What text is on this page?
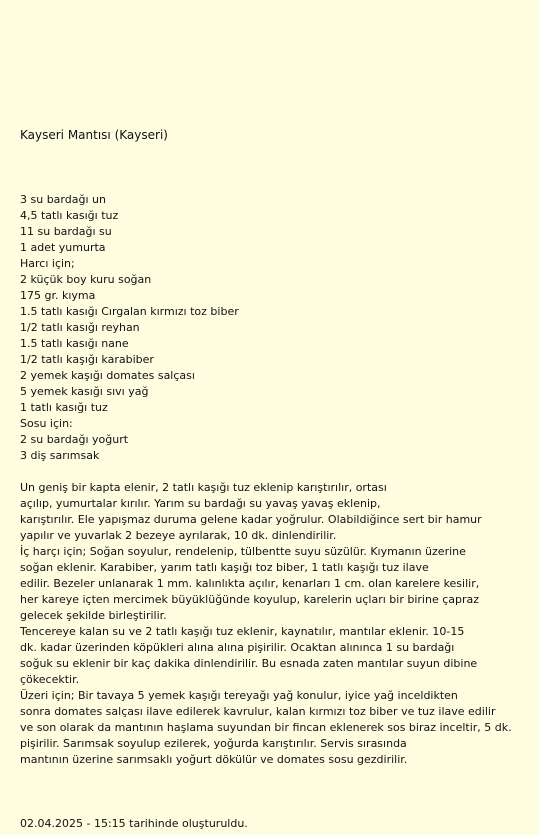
Kayseri Mantısı (Kayseri)
3 su bardağı un
4,5 tatlı kasığı tuz
11 su bardağı su
1 adet yumurta
Harcı için;
2 küçük boy kuru soğan
175 gr. kıyma
1.5 tatlı kasığı Cırgalan kırmızı toz biber
1/2 tatlı kasığı reyhan
1.5 tatlı kasığı nane
1/2 tatlı kaşığı karabiber
2 yemek kaşığı domates salçası
5 yemek kasığı sıvı yağ
1 tatlı kasığı tuz
Sosu için:
2 su bardağı yoğurt
3 diş sarımsak
Un geniş bir kapta elenir, 2 tatlı kaşığı tuz eklenip karıştırılır, ortası
açılıp, yumurtalar kırılır. Yarım su bardağı su yavaş yavaş eklenip,
karıştırılır. Ele yapışmaz duruma gelene kadar yoğrulur. Olabildiğince sert bir hamur
yapılır ve yuvarlak 2 bezeye ayrılarak, 10 dk. dinlendirilir.
İç harçı için; Soğan soyulur, rendelenip, tülbentte suyu süzülür. Kıymanın üzerine
soğan eklenir. Karabiber, yarım tatlı kaşığı toz biber, 1 tatlı kaşığı tuz ilave
edilir. Bezeler unlanarak 1 mm. kalınlıkta açılır, kenarları 1 cm. olan karelere kesilir,
her kareye içten mercimek büyüklüğünde koyulup, karelerin uçları bir birine çapraz
gelecek şekilde birleştirilir.
Tencereye kalan su ve 2 tatlı kaşığı tuz eklenir, kaynatılır, mantılar eklenir. 10-15
dk. kadar üzerinden köpükleri alına alına pişirilir. Ocaktan alınınca 1 su bardağı
soğuk su eklenir bir kaç dakika dinlendirilir. Bu esnada zaten mantılar suyun dibine
çökecektir.
Üzeri için; Bir tavaya 5 yemek kaşığı tereyağı yağ konulur, iyice yağ inceldikten
sonra domates salçası ilave edilerek kavrulur, kalan kırmızı toz biber ve tuz ilave edilir
ve son olarak da mantının haşlama suyundan bir fincan eklenerek sos biraz inceltir, 5 dk.
pişirilir. Sarımsak soyulup ezilerek, yoğurda karıştırılır. Servis sırasında
mantının üzerine sarımsaklı yoğurt dökülür ve domates sosu gezdirilir.
02.04.2025 - 15:15 tarihinde oluşturuldu.
